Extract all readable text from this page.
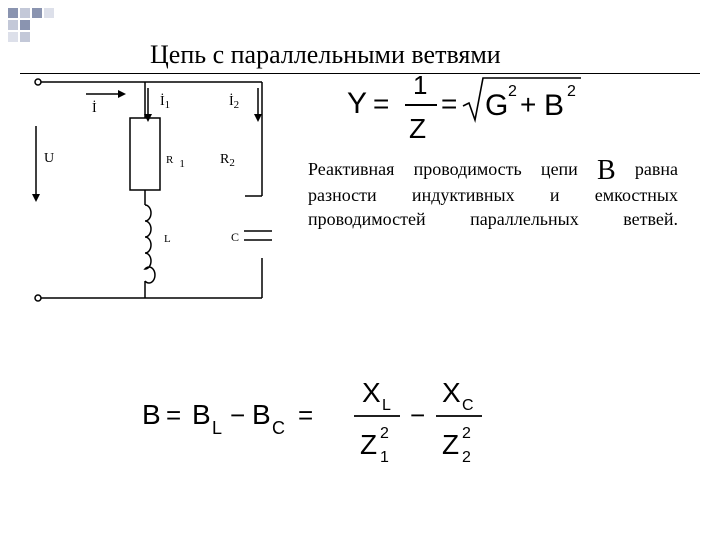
Цепь с параллельными ветвями
İ	$İ_1$	$İ_2$
U	R 1	$R_2$
L	C
Y =
1
Z
= G 2 + B 2
Реактивная проводимость цепи B равна разности индуктивных и емкостных проводимостей параллельных ветвей.
B = B L − B C =
X L
Z 2
1
−
X C
Z 2
2
